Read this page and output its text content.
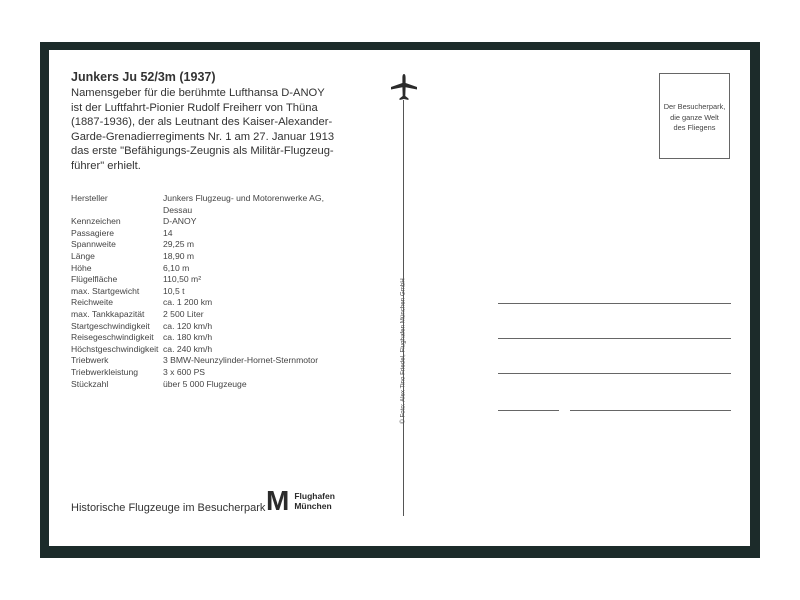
Junkers Ju 52/3m (1937)
Namensgeber für die berühmte Lufthansa D-ANOY
ist der Luftfahrt-Pionier Rudolf Freiherr von Thüna
(1887-1936), der als Leutnant des Kaiser-Alexander-
Garde-Grenadierregiments Nr. 1 am 27. Januar 1913
das erste "Befähigungs-Zeugnis als Militär-Flugzeug-
führer" erhielt.
Hersteller	Junkers Flugzeug- und Motorenwerke AG,
Dessau
Kennzeichen	D-ANOY
Passagiere	14
Spannweite	29,25 m
Länge	18,90 m
Höhe	6,10 m
Flügelfläche	110,50 m²
max. Startgewicht	10,5 t
Reichweite	ca. 1 200 km
max. Tankkapazität	2 500 Liter
Startgeschwindigkeit	ca. 120 km/h
Reisegeschwindigkeit	ca. 180 km/h
Höchstgeschwindigkeit ca. 240 km/h
Triebwerk	3 BMW-Neunzylinder-Hornet-Sternmotor
Triebwerkleistung	3 x 600 PS
Stückzahl	über 5 000 Flugzeuge
Historische Flugzeuge im Besucherpark M Flughafen
München
© Foto: Alex Tino Friedel, Flughafen München GmbH
Der Besucherpark,
die ganze Welt
des Fliegens
